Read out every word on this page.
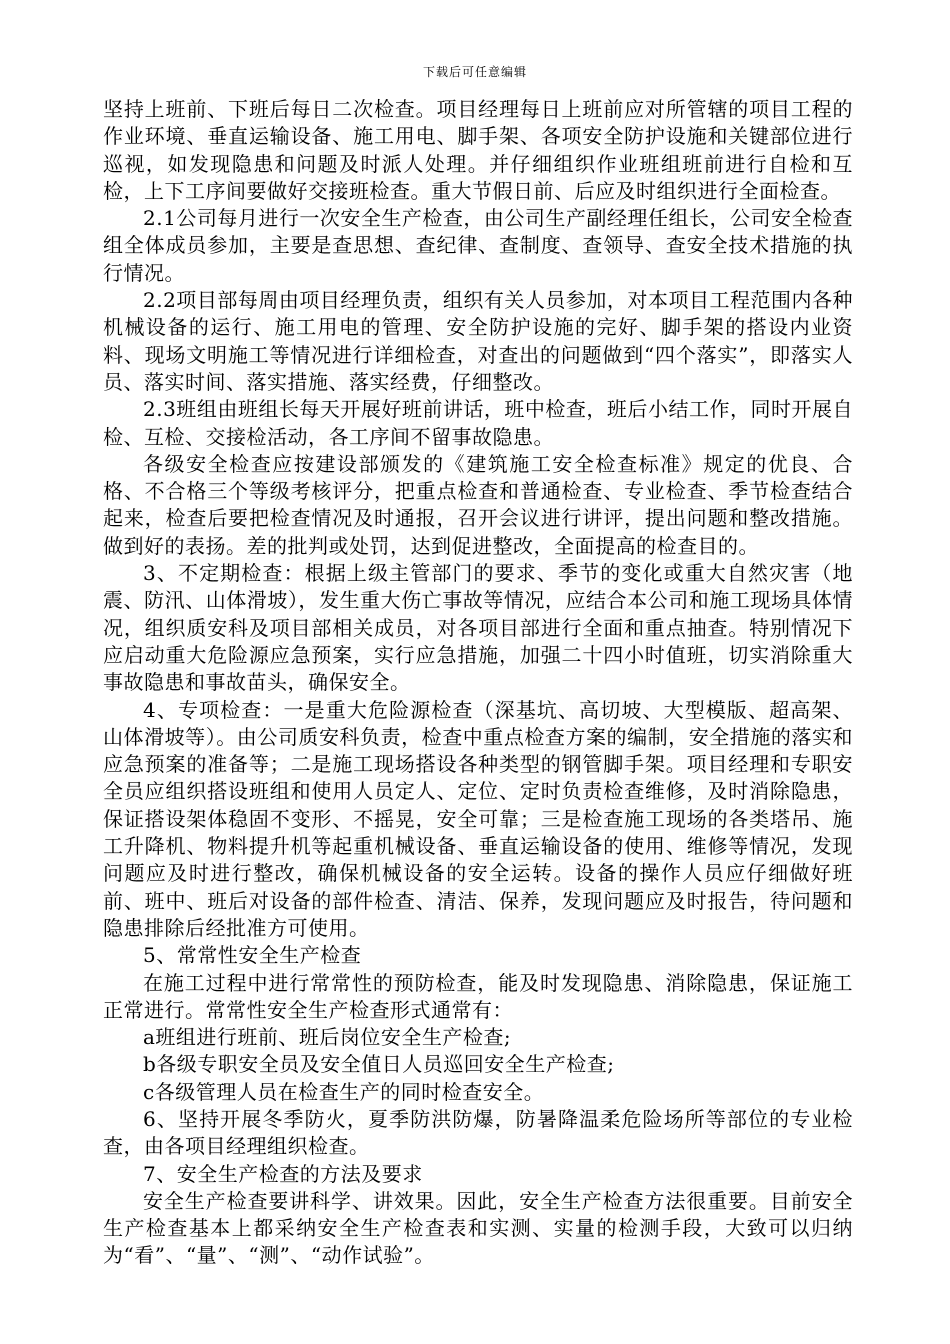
下载后可任意编辑

坚持上班前、下班后每日二次检查。项目经理每日上班前应对所管辖的项目工程的作业环境、垂直运输设备、施工用电、脚手架、各项安全防护设施和关键部位进行巡视，如发现隐患和问题及时派人处理。并仔细组织作业班组班前进行自检和互检，上下工序间要做好交接班检查。重大节假日前、后应及时组织进行全面检查。

2.1公司每月进行一次安全生产检查，由公司生产副经理任组长，公司安全检查组全体成员参加，主要是查思想、查纪律、查制度、查领导、查安全技术措施的执行情况。

2.2项目部每周由项目经理负责，组织有关人员参加，对本项目工程范围内各种机械设备的运行、施工用电的管理、安全防护设施的完好、脚手架的搭设内业资料、现场文明施工等情况进行详细检查，对查出的问题做到“四个落实”，即落实人员、落实时间、落实措施、落实经费，仔细整改。

2.3班组由班组长每天开展好班前讲话，班中检查，班后小结工作，同时开展自检、互检、交接检活动，各工序间不留事故隐患。

各级安全检查应按建设部颁发的《建筑施工安全检查标准》规定的优良、合格、不合格三个等级考核评分，把重点检查和普通检查、专业检查、季节检查结合起来，检查后要把检查情况及时通报，召开会议进行讲评，提出问题和整改措施。做到好的表扬。差的批判或处罚，达到促进整改，全面提高的检查目的。

3、不定期检查：根据上级主管部门的要求、季节的变化或重大自然灾害（地震、防汛、山体滑坡），发生重大伤亡事故等情况，应结合本公司和施工现场具体情况，组织质安科及项目部相关成员，对各项目部进行全面和重点抽查。特别情况下应启动重大危险源应急预案，实行应急措施，加强二十四小时值班，切实消除重大事故隐患和事故苗头，确保安全。

4、专项检查：一是重大危险源检查（深基坑、高切坡、大型模版、超高架、山体滑坡等）。由公司质安科负责，检查中重点检查方案的编制，安全措施的落实和应急预案的准备等；二是施工现场搭设各种类型的钢管脚手架。项目经理和专职安全员应组织搭设班组和使用人员定人、定位、定时负责检查维修，及时消除隐患，保证搭设架体稳固不变形、不摇晃，安全可靠；三是检查施工现场的各类塔吊、施工升降机、物料提升机等起重机械设备、垂直运输设备的使用、维修等情况，发现问题应及时进行整改，确保机械设备的安全运转。设备的操作人员应仔细做好班前、班中、班后对设备的部件检查、清洁、保养，发现问题应及时报告，待问题和隐患排除后经批准方可使用。

5、常常性安全生产检查

在施工过程中进行常常性的预防检查，能及时发现隐患、消除隐患，保证施工正常进行。常常性安全生产检查形式通常有：

a班组进行班前、班后岗位安全生产检查;

b各级专职安全员及安全值日人员巡回安全生产检查;

c各级管理人员在检查生产的同时检查安全。

6、坚持开展冬季防火，夏季防洪防爆，防暑降温柔危险场所等部位的专业检查，由各项目经理组织检查。

7、安全生产检查的方法及要求

安全生产检查要讲科学、讲效果。因此，安全生产检查方法很重要。目前安全生产检查基本上都采纳安全生产检查表和实测、实量的检测手段，大致可以归纳为“看”、“量”、“测”、“动作试验”。
